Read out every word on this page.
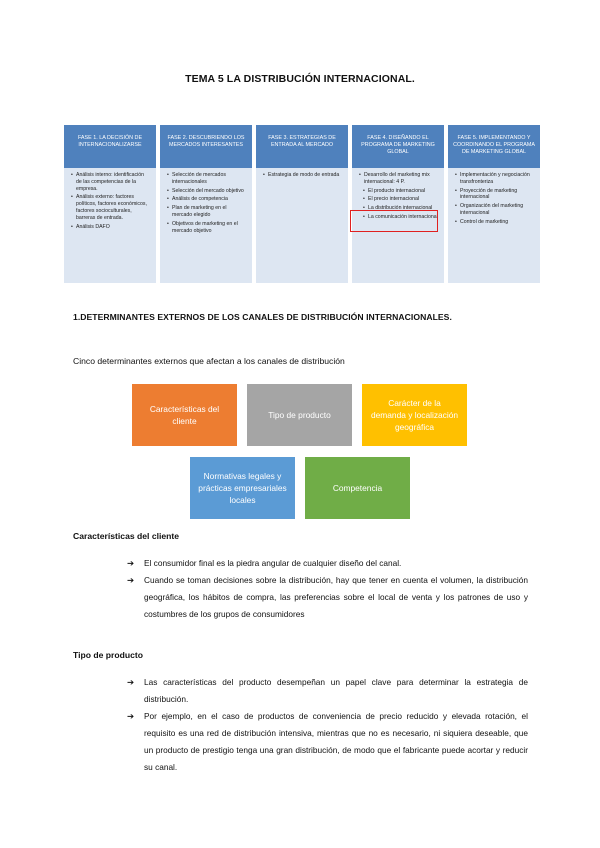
TEMA 5 LA DISTRIBUCIÓN INTERNACIONAL.
FASE 1. LA DECISIÓN DE INTERNACIONALIZARSE
• Análisis interno: identificación de las competencias de la empresa.
• Análisis externo: factores políticos, factores económicos, factores socioculturales, barreras de entrada.
• Análisis DAFO
FASE 2. DESCUBRIENDO LOS MERCADOS INTERESANTES
• Selección de mercados internacionales
• Selección del mercado objetivo
• Análisis de competencia
• Plan de marketing en el mercado elegido
• Objetivos de marketing en el mercado objetivo
FASE 3. ESTRATEGIAS DE ENTRADA AL MERCADO
• Estrategia de modo de entrada
FASE 4. DISEÑANDO EL PROGRAMA DE MARKETING GLOBAL
• Desarrollo del marketing mix internacional: 4 P.
• El producto internacional
• El precio internacional
• La distribución internacional
• La comunicación internacional
FASE 5. IMPLEMENTANDO Y COORDINANDO EL PROGRAMA DE MARKETING GLOBAL
• Implementación y negociación transfronteriza
• Proyección de marketing internacional
• Organización del marketing internacional
• Control de marketing
1.DETERMINANTES EXTERNOS DE LOS CANALES DE DISTRIBUCIÓN INTERNACIONALES.
Cinco determinantes externos que afectan a los canales de distribución
Características del cliente
Tipo de producto
Carácter de la demanda y localización geográfica
Normativas legales y prácticas empresariales locales
Competencia
Características del cliente
➔ El consumidor final es la piedra angular de cualquier diseño del canal.
➔ Cuando se toman decisiones sobre la distribución, hay que tener en cuenta el volumen, la distribución geográfica, los hábitos de compra, las preferencias sobre el local de venta y los patrones de uso y costumbres de los grupos de consumidores
Tipo de producto
➔ Las características del producto desempeñan un papel clave para determinar la estrategia de distribución.
➔ Por ejemplo, en el caso de productos de conveniencia de precio reducido y elevada rotación, el requisito es una red de distribución intensiva, mientras que no es necesario, ni siquiera deseable, que un producto de prestigio tenga una gran distribución, de modo que el fabricante puede acortar y reducir su canal.
